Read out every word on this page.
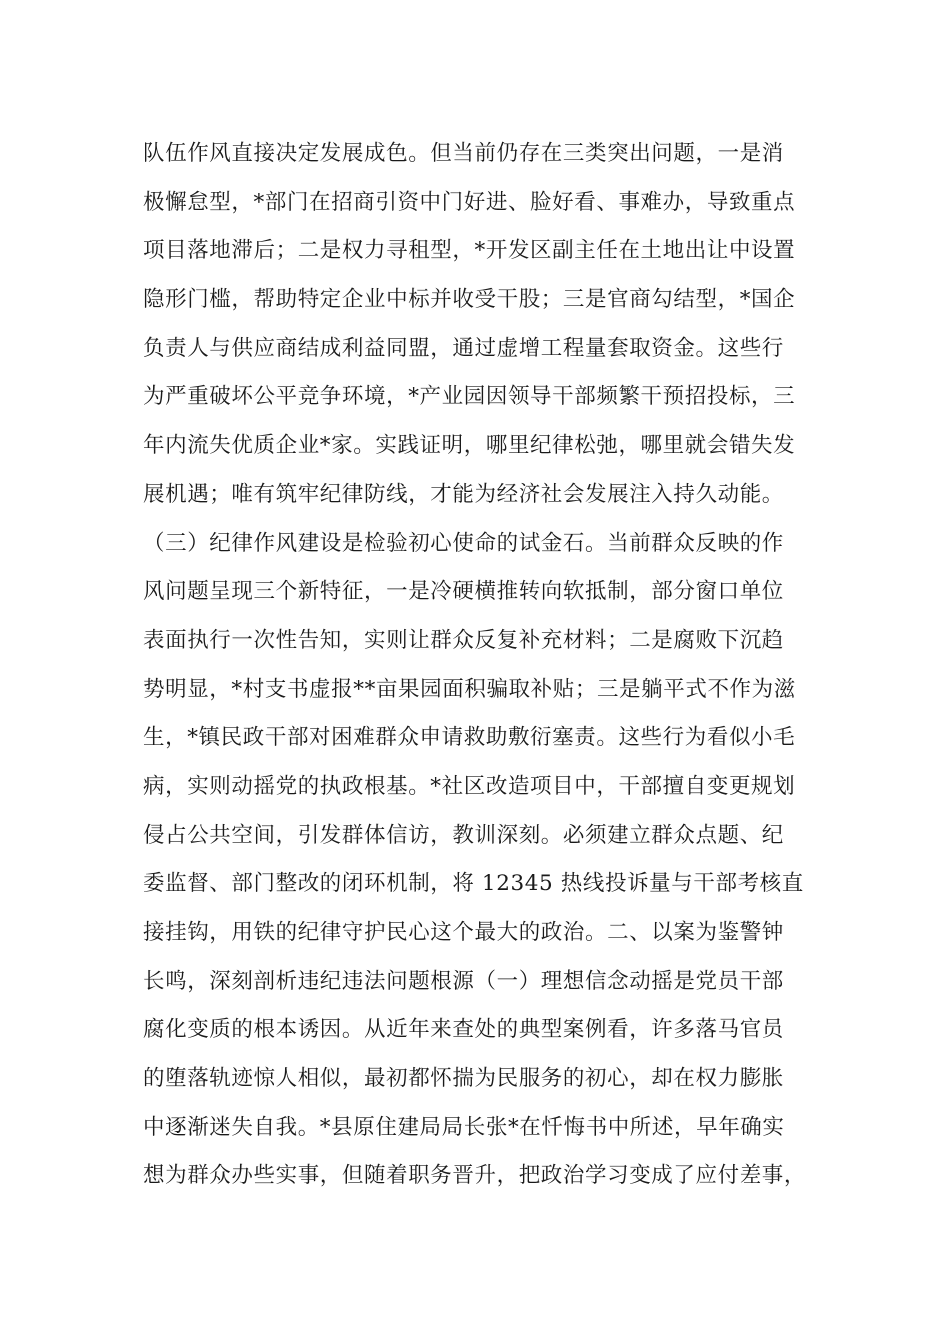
队伍作风直接决定发展成色。但当前仍存在三类突出问题，一是消
极懈怠型，*部门在招商引资中门好进、脸好看、事难办，导致重点
项目落地滞后；二是权力寻租型，*开发区副主任在土地出让中设置
隐形门槛，帮助特定企业中标并收受干股；三是官商勾结型，*国企
负责人与供应商结成利益同盟，通过虚增工程量套取资金。这些行
为严重破坏公平竞争环境，*产业园因领导干部频繁干预招投标，三
年内流失优质企业*家。实践证明，哪里纪律松弛，哪里就会错失发
展机遇；唯有筑牢纪律防线，才能为经济社会发展注入持久动能。
（三）纪律作风建设是检验初心使命的试金石。当前群众反映的作
风问题呈现三个新特征，一是冷硬横推转向软抵制，部分窗口单位
表面执行一次性告知，实则让群众反复补充材料；二是腐败下沉趋
势明显，*村支书虚报**亩果园面积骗取补贴；三是躺平式不作为滋
生，*镇民政干部对困难群众申请救助敷衍塞责。这些行为看似小毛
病，实则动摇党的执政根基。*社区改造项目中，干部擅自变更规划
侵占公共空间，引发群体信访，教训深刻。必须建立群众点题、纪
委监督、部门整改的闭环机制，将 12345 热线投诉量与干部考核直
接挂钩，用铁的纪律守护民心这个最大的政治。二、以案为鉴警钟
长鸣，深刻剖析违纪违法问题根源（一）理想信念动摇是党员干部
腐化变质的根本诱因。从近年来查处的典型案例看，许多落马官员
的堕落轨迹惊人相似，最初都怀揣为民服务的初心，却在权力膨胀
中逐渐迷失自我。*县原住建局局长张*在忏悔书中所述，早年确实
想为群众办些实事，但随着职务晋升，把政治学习变成了应付差事，
